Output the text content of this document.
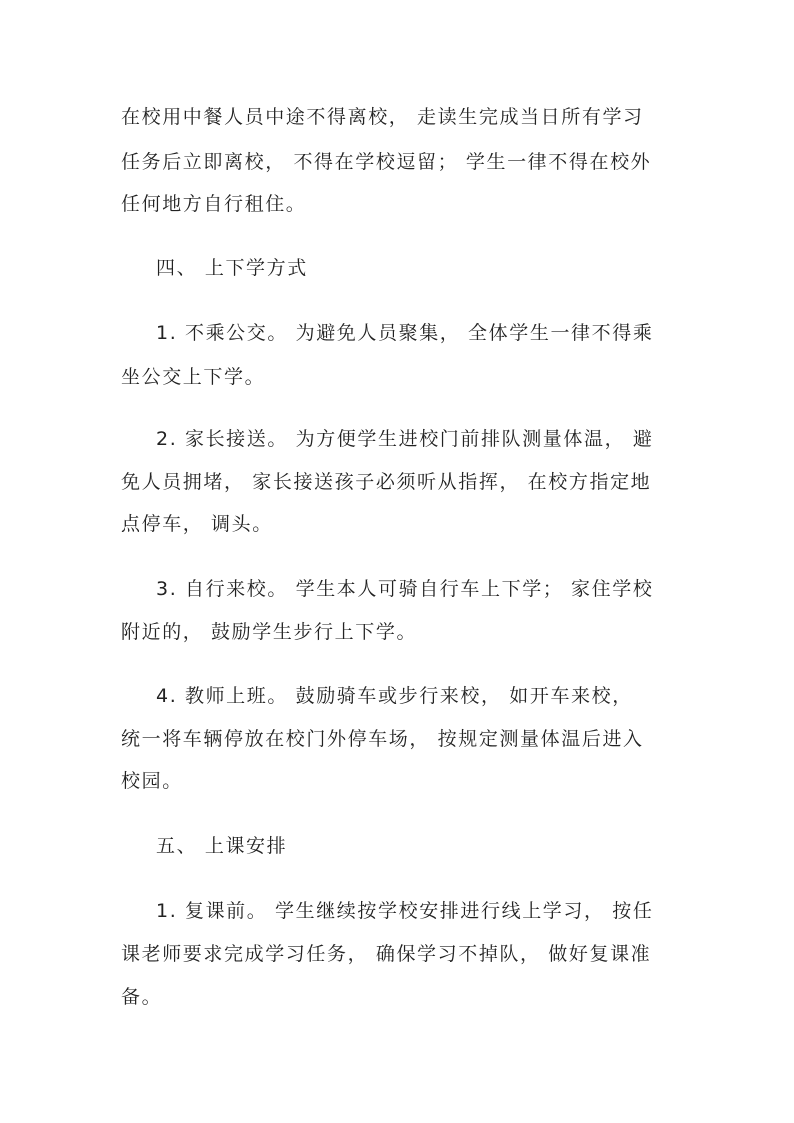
在校用中餐人员中途不得离校， 走读生完成当日所有学习
任务后立即离校， 不得在学校逗留； 学生一律不得在校外
任何地方自行租住。
四、 上下学方式
1. 不乘公交。 为避免人员聚集， 全体学生一律不得乘
坐公交上下学。
2. 家长接送。 为方便学生进校门前排队测量体温， 避
免人员拥堵， 家长接送孩子必须听从指挥， 在校方指定地
点停车， 调头。
3. 自行来校。 学生本人可骑自行车上下学； 家住学校
附近的， 鼓励学生步行上下学。
4. 教师上班。 鼓励骑车或步行来校， 如开车来校，
统一将车辆停放在校门外停车场， 按规定测量体温后进入
校园。
五、 上课安排
1. 复课前。 学生继续按学校安排进行线上学习， 按任
课老师要求完成学习任务， 确保学习不掉队， 做好复课准
备。
